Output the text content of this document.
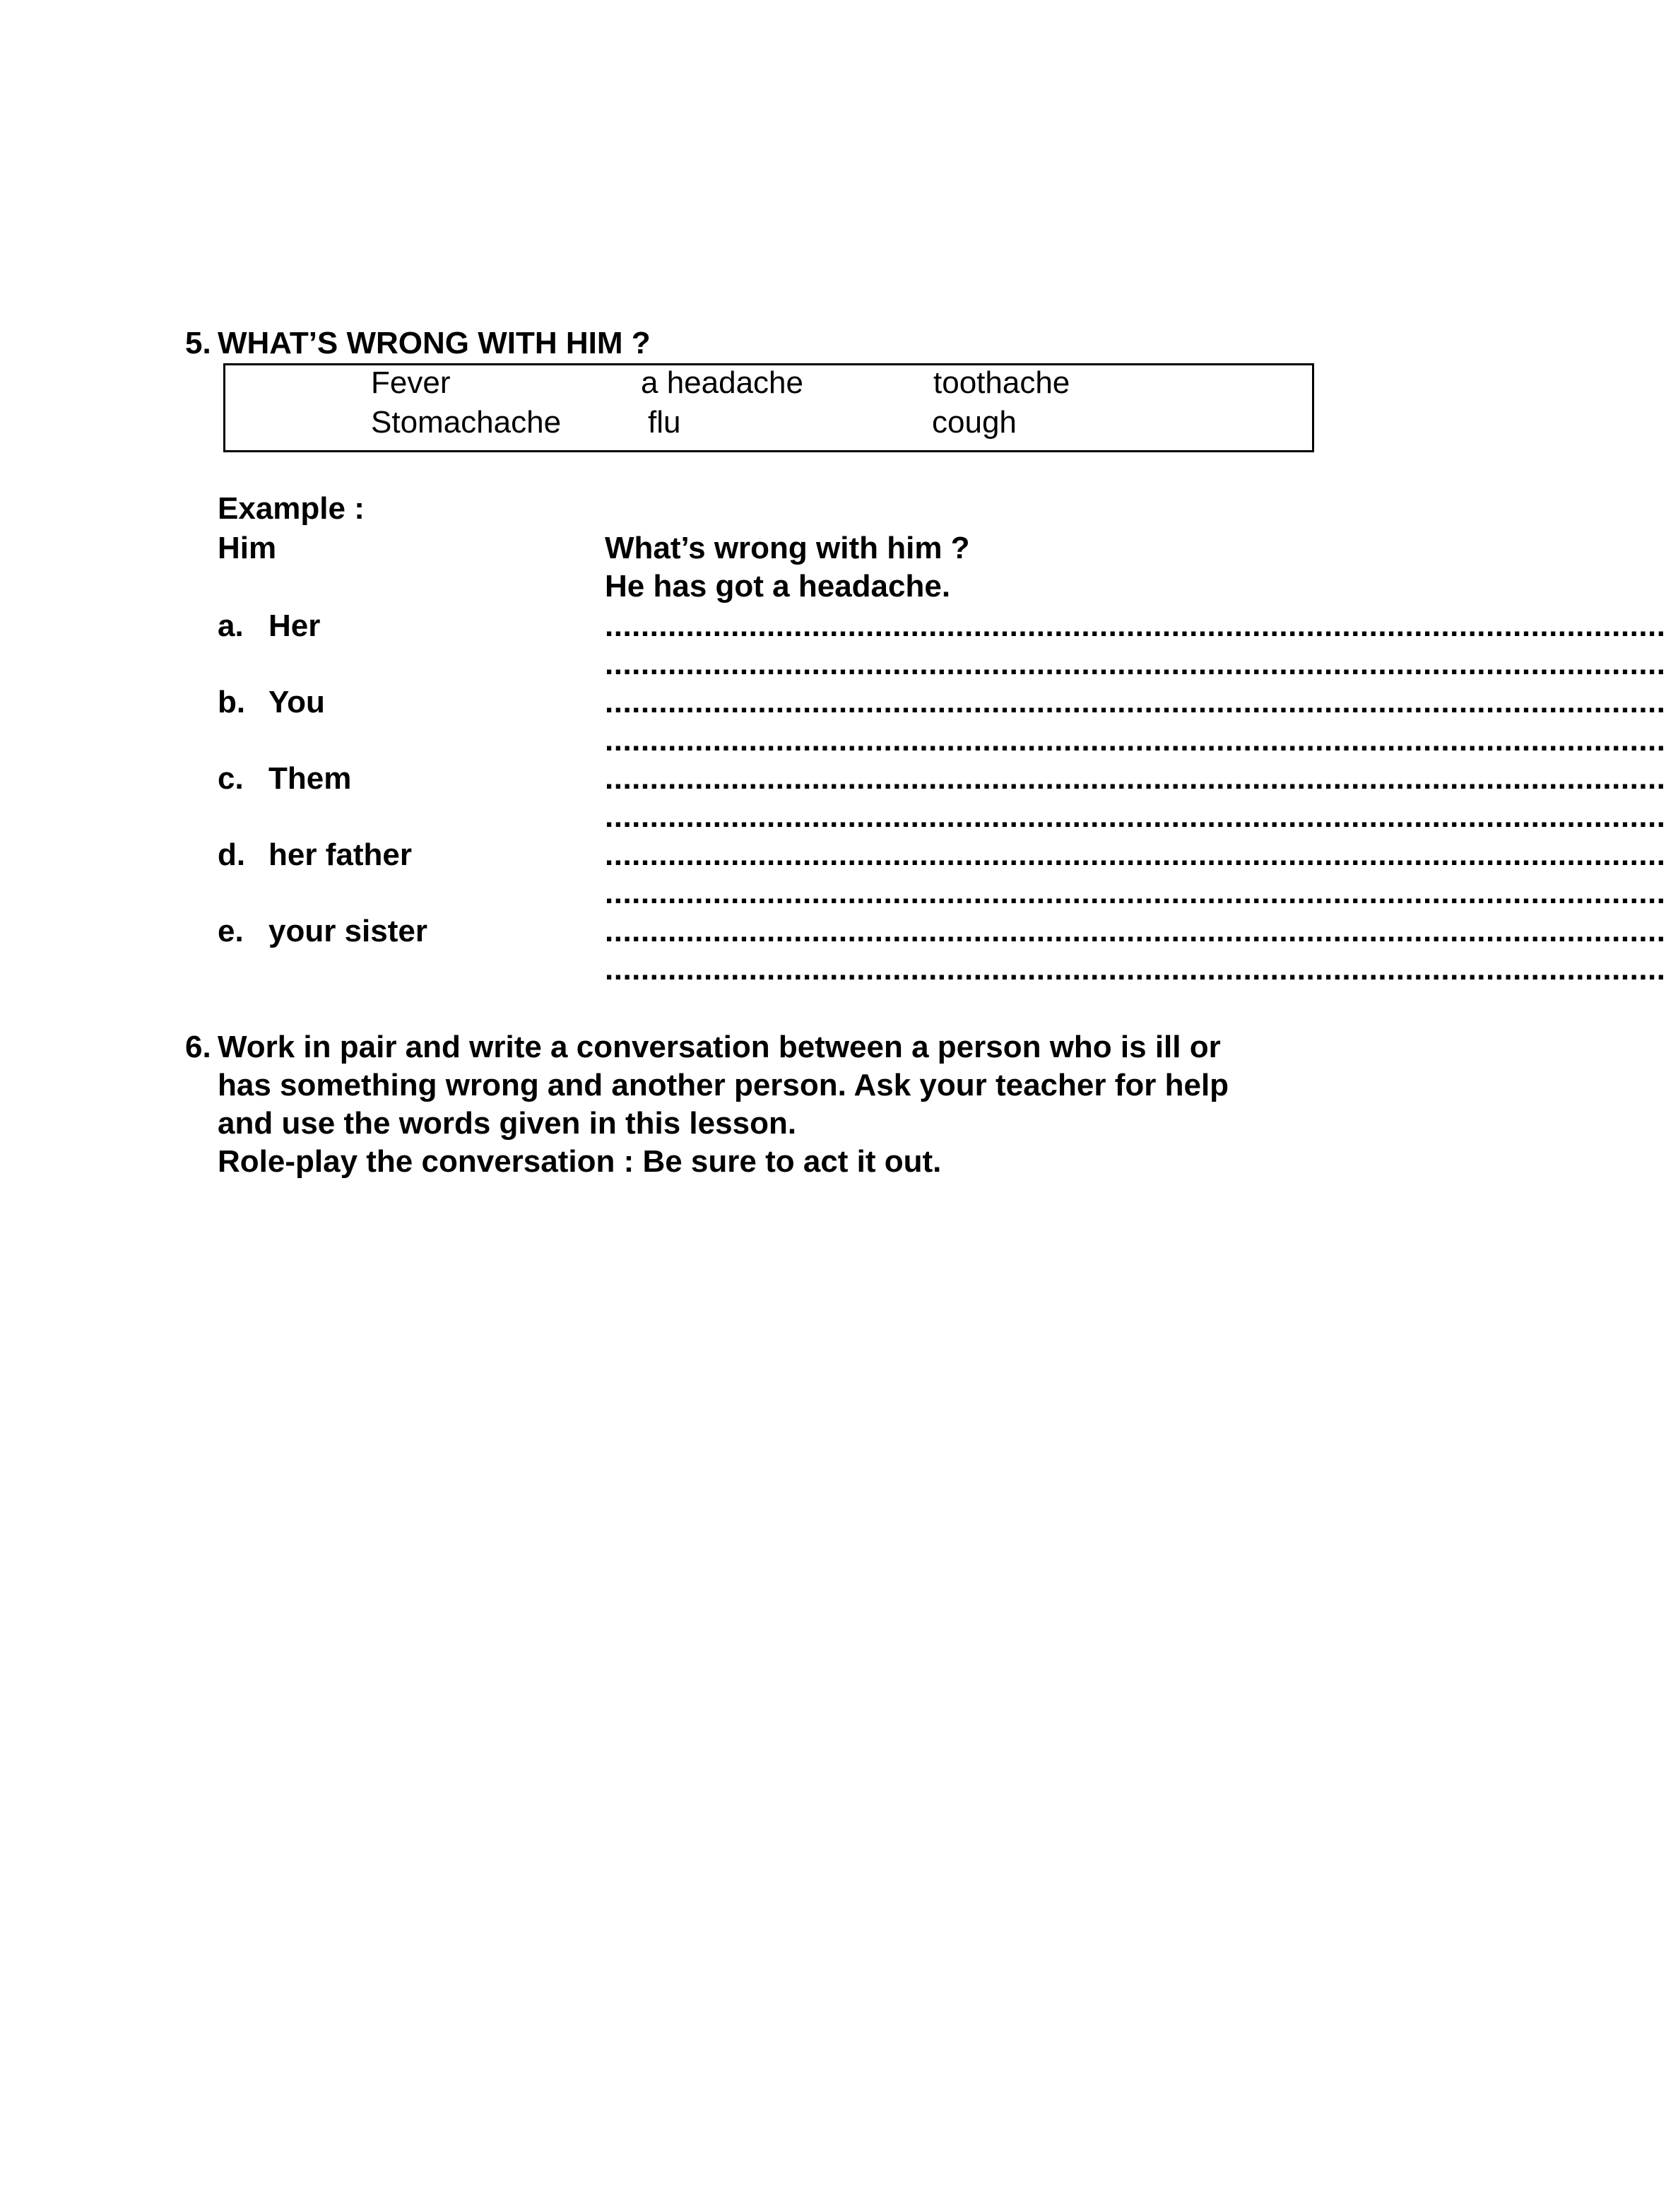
5. WHAT’S WRONG WITH HIM ?
Fever	a headache	toothache
Stomachache	flu	cough
Example :
Him	What’s wrong with him ?
He has got a headache.
a. Her	......................................................................................................................
......................................................................................................................
b. You	......................................................................................................................
......................................................................................................................
c. Them	......................................................................................................................
......................................................................................................................
d. her father	......................................................................................................................
......................................................................................................................
e. your sister	......................................................................................................................
......................................................................................................................
6. Work in pair and write a conversation between a person who is ill or
has something wrong and another person. Ask your teacher for help
and use the words given in this lesson.
Role-play the conversation : Be sure to act it out.
